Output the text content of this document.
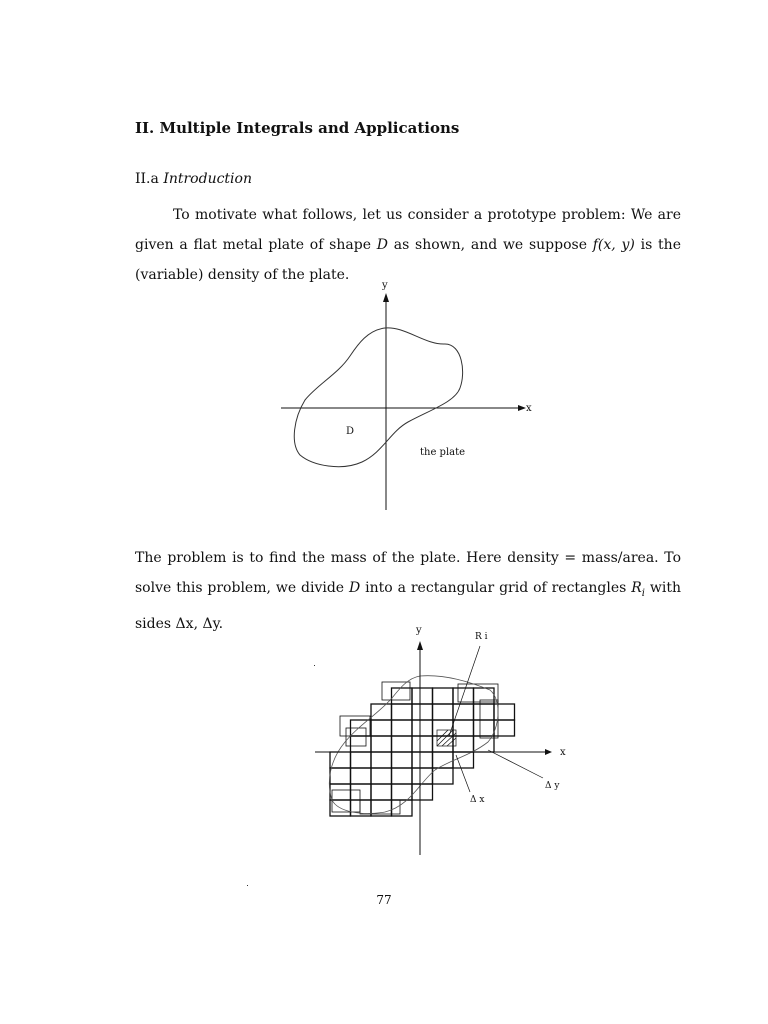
II. Multiple Integrals and Applications
II.a Introduction

To motivate what follows, let us consider a prototype problem: We are given a flat metal plate of shape D as shown, and we suppose f(x, y) is the (variable) density of the plate.

y
x
D
the plate

The problem is to find the mass of the plate. Here density = mass/area. To solve this problem, we divide D into a rectangular grid of rectangles $R_i$ with sides Δx, Δy.	y
x
R i
Δ y
Δ x
77
